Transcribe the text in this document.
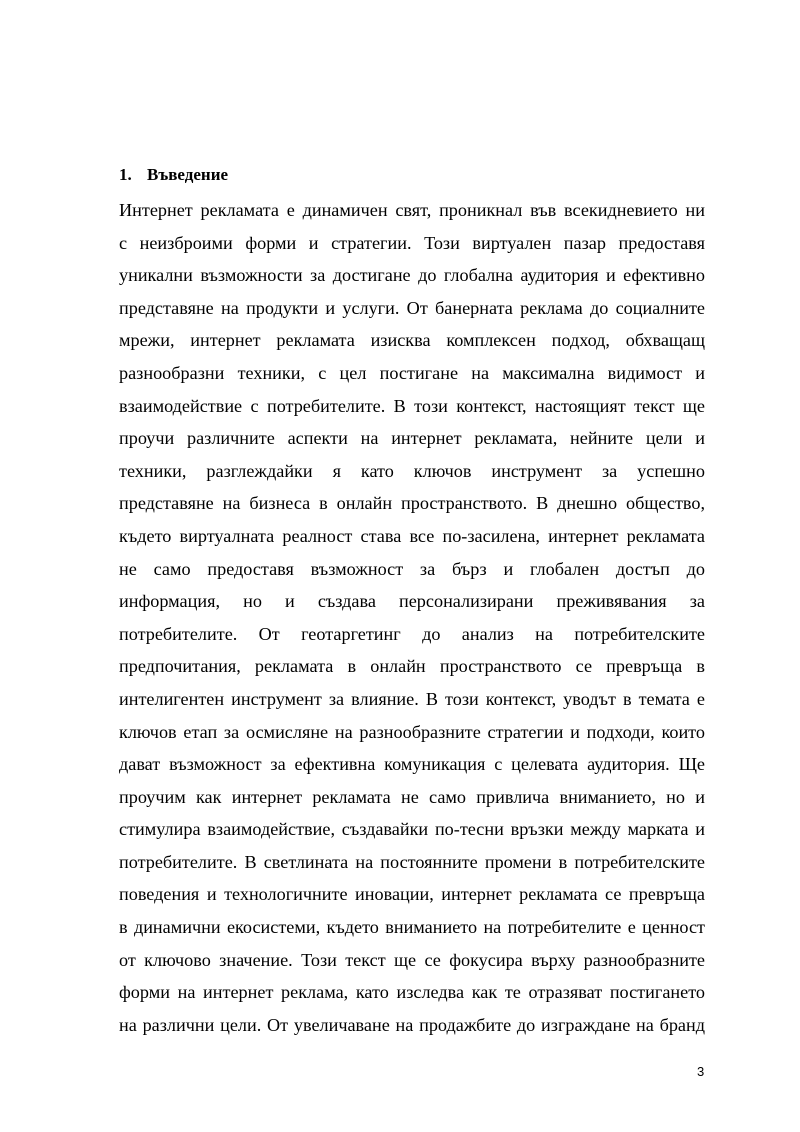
1. Въведение
Интернет рекламата е динамичен свят, проникнал във всекидневието ни
с неизброими форми и стратегии. Този виртуален пазар предоставя
уникални възможности за достигане до глобална аудитория и ефективно
представяне на продукти и услуги. От банерната реклама до социалните
мрежи, интернет рекламата изисква комплексен подход, обхващащ
разнообразни техники, с цел постигане на максимална видимост и
взаимодействие с потребителите. В този контекст, настоящият текст ще
проучи различните аспекти на интернет рекламата, нейните цели и
техники, разглеждайки я като ключов инструмент за успешно
представяне на бизнеса в онлайн пространството. В днешно общество,
където виртуалната реалност става все по-засилена, интернет рекламата
не само предоставя възможност за бърз и глобален достъп до
информация, но и създава персонализирани преживявания за
потребителите. От геотаргетинг до анализ на потребителските
предпочитания, рекламата в онлайн пространството се превръща в
интелигентен инструмент за влияние. В този контекст, уводът в темата е
ключов етап за осмисляне на разнообразните стратегии и подходи, които
дават възможност за ефективна комуникация с целевата аудитория. Ще
проучим как интернет рекламата не само привлича вниманието, но и
стимулира взаимодействие, създавайки по-тесни връзки между марката и
потребителите. В светлината на постоянните промени в потребителските
поведения и технологичните иновации, интернет рекламата се превръща
в динамични екосистеми, където вниманието на потребителите е ценност
от ключово значение. Този текст ще се фокусира върху разнообразните
форми на интернет реклама, като изследва как те отразяват постигането
на различни цели. От увеличаване на продажбите до изграждане на бранд
3
